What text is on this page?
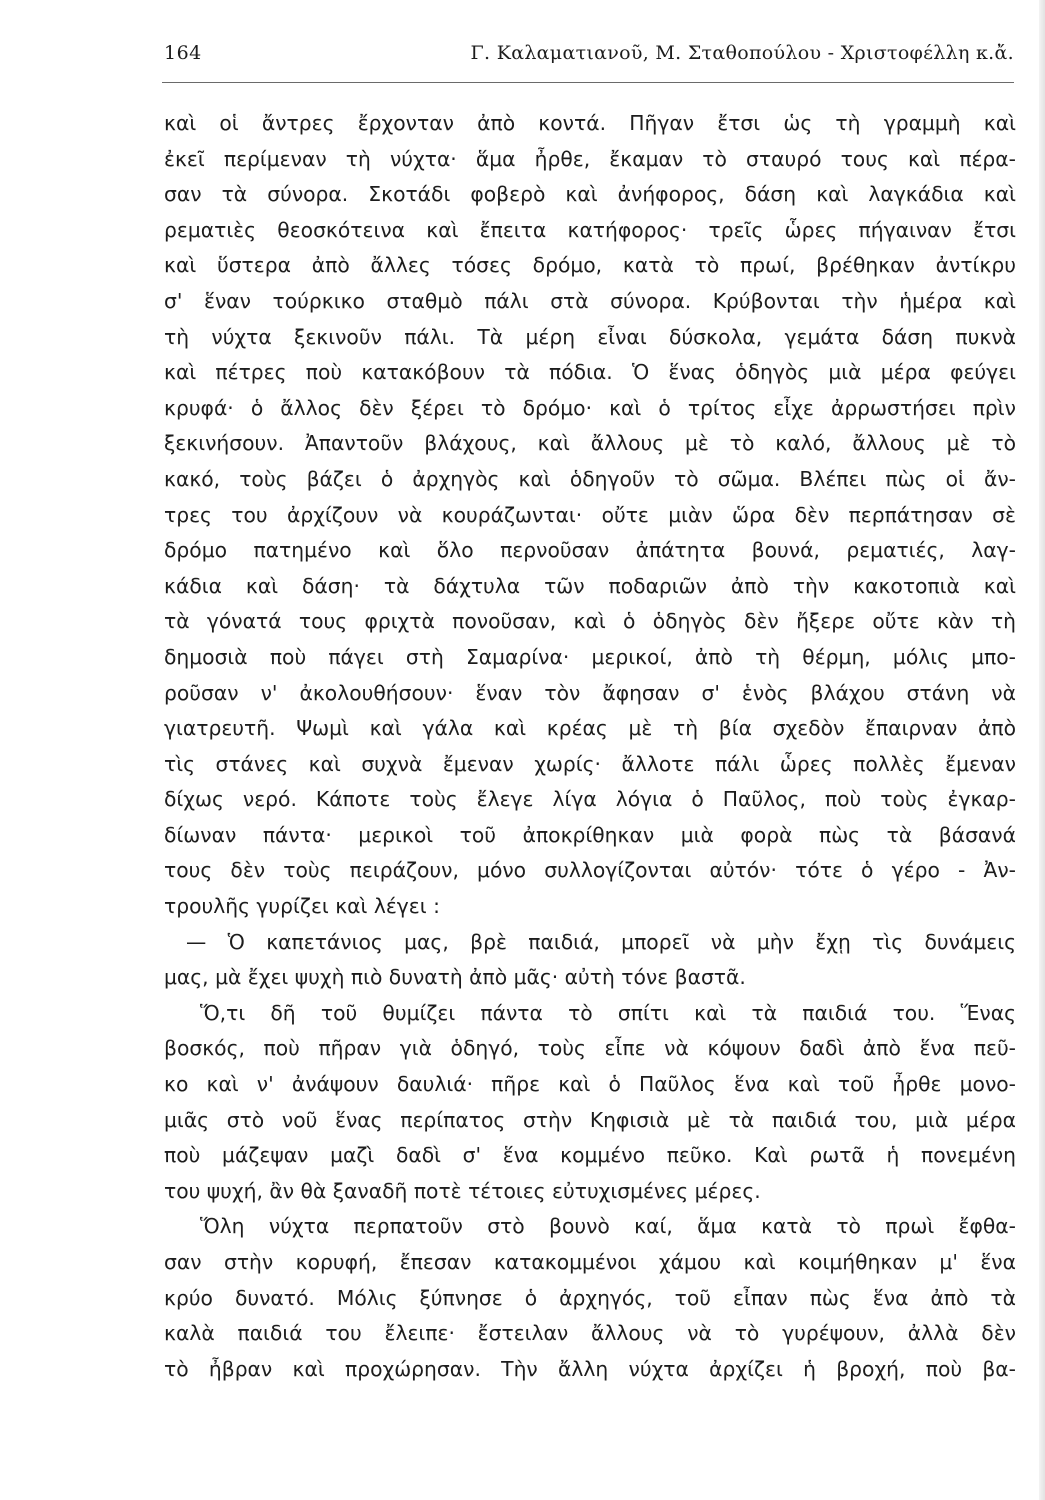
164	Γ. Καλαματιανοῦ, Μ. Σταθοπούλου - Χριστοφέλλη κ.ἄ.
καὶ οἱ ἄντρες ἔρχονταν ἀπὸ κοντά. Πῆγαν ἔτσι ὡς τὴ γραμμὴ καὶ
ἐκεῖ περίμεναν τὴ νύχτα· ἅμα ἦρθε, ἔκαμαν τὸ σταυρό τους καὶ πέρα-
σαν τὰ σύνορα. Σκοτάδι φοβερὸ καὶ ἀνήφορος, δάση καὶ λαγκάδια καὶ
ρεματιὲς θεοσκότεινα καὶ ἔπειτα κατήφορος· τρεῖς ὧρες πήγαιναν ἔτσι
καὶ ὕστερα ἀπὸ ἄλλες τόσες δρόμο, κατὰ τὸ πρωί, βρέθηκαν ἀντίκρυ
σ' ἕναν τούρκικο σταθμὸ πάλι στὰ σύνορα. Κρύβονται τὴν ἡμέρα καὶ
τὴ νύχτα ξεκινοῦν πάλι. Τὰ μέρη εἶναι δύσκολα, γεμάτα δάση πυκνὰ
καὶ πέτρες ποὺ κατακόβουν τὰ πόδια. Ὁ ἕνας ὁδηγὸς μιὰ μέρα φεύγει
κρυφά· ὁ ἄλλος δὲν ξέρει τὸ δρόμο· καὶ ὁ τρίτος εἶχε ἀρρωστήσει πρὶν
ξεκινήσουν. Ἀπαντοῦν βλάχους, καὶ ἄλλους μὲ τὸ καλό, ἄλλους μὲ τὸ
κακό, τοὺς βάζει ὁ ἀρχηγὸς καὶ ὁδηγοῦν τὸ σῶμα. Βλέπει πὼς οἱ ἄν-
τρες του ἀρχίζουν νὰ κουράζωνται· οὔτε μιὰν ὥρα δὲν περπάτησαν σὲ
δρόμο πατημένο καὶ ὅλο περνοῦσαν ἀπάτητα βουνά, ρεματιές, λαγ-
κάδια καὶ δάση· τὰ δάχτυλα τῶν ποδαριῶν ἀπὸ τὴν κακοτοπιὰ καὶ
τὰ γόνατά τους φριχτὰ πονοῦσαν, καὶ ὁ ὁδηγὸς δὲν ἤξερε οὔτε κὰν τὴ
δημοσιὰ ποὺ πάγει στὴ Σαμαρίνα· μερικοί, ἀπὸ τὴ θέρμη, μόλις μπο-
ροῦσαν ν' ἀκολουθήσουν· ἕναν τὸν ἄφησαν σ' ἑνὸς βλάχου στάνη νὰ
γιατρευτῆ. Ψωμὶ καὶ γάλα καὶ κρέας μὲ τὴ βία σχεδὸν ἔπαιρναν ἀπὸ
τὶς στάνες καὶ συχνὰ ἔμεναν χωρίς· ἄλλοτε πάλι ὧρες πολλὲς ἔμεναν
δίχως νερό. Κάποτε τοὺς ἔλεγε λίγα λόγια ὁ Παῦλος, ποὺ τοὺς ἐγκαρ-
δίωναν πάντα· μερικοὶ τοῦ ἀποκρίθηκαν μιὰ φορὰ πὼς τὰ βάσανά
τους δὲν τοὺς πειράζουν, μόνο συλλογίζονται αὐτόν· τότε ὁ γέρο - Ἀν-
τρουλῆς γυρίζει καὶ λέγει :
— Ὁ καπετάνιος μας, βρὲ παιδιά, μπορεῖ νὰ μὴν ἔχῃ τὶς δυνάμεις
μας, μὰ ἔχει ψυχὴ πιὸ δυνατὴ ἀπὸ μᾶς· αὐτὴ τόνε βαστᾶ.
Ὅ,τι δῆ τοῦ θυμίζει πάντα τὸ σπίτι καὶ τὰ παιδιά του. Ἕνας
βοσκός, ποὺ πῆραν γιὰ ὁδηγό, τοὺς εἶπε νὰ κόψουν δαδὶ ἀπὸ ἕνα πεῦ-
κο καὶ ν' ἀνάψουν δαυλιά· πῆρε καὶ ὁ Παῦλος ἕνα καὶ τοῦ ἦρθε μονο-
μιᾶς στὸ νοῦ ἕνας περίπατος στὴν Κηφισιὰ μὲ τὰ παιδιά του, μιὰ μέρα
ποὺ μάζεψαν μαζὶ δαδὶ σ' ἕνα κομμένο πεῦκο. Καὶ ρωτᾶ ἡ πονεμένη
του ψυχή, ἂν θὰ ξαναδῆ ποτὲ τέτοιες εὐτυχισμένες μέρες.
Ὅλη νύχτα περπατοῦν στὸ βουνὸ καί, ἅμα κατὰ τὸ πρωὶ ἔφθα-
σαν στὴν κορυφή, ἔπεσαν κατακομμένοι χάμου καὶ κοιμήθηκαν μ' ἕνα
κρύο δυνατό. Μόλις ξύπνησε ὁ ἀρχηγός, τοῦ εἶπαν πὼς ἕνα ἀπὸ τὰ
καλὰ παιδιά του ἔλειπε· ἔστειλαν ἄλλους νὰ τὸ γυρέψουν, ἀλλὰ δὲν
τὸ ἦβραν καὶ προχώρησαν. Τὴν ἄλλη νύχτα ἀρχίζει ἡ βροχή, ποὺ βα-
